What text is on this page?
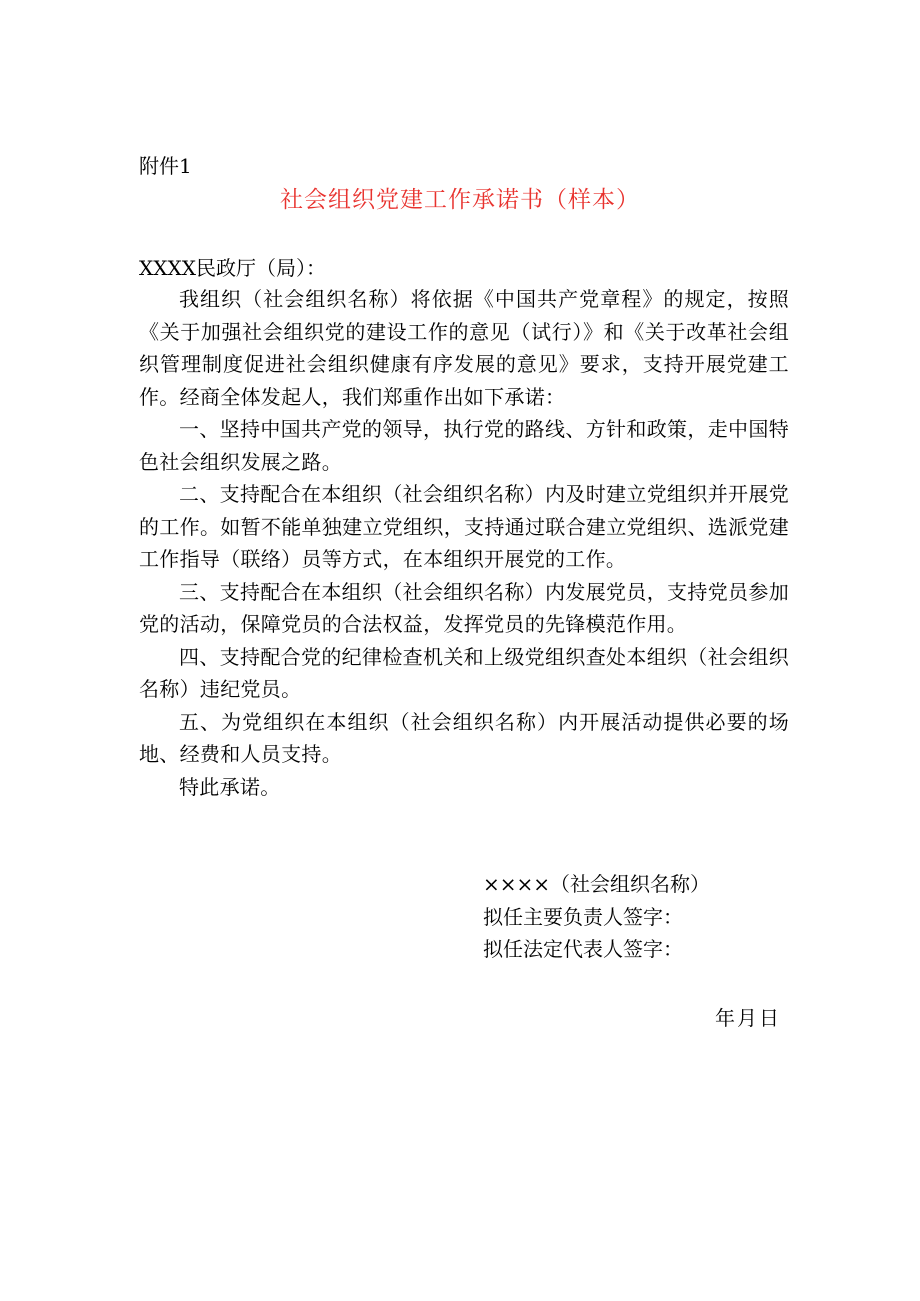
附件1
社会组织党建工作承诺书（样本）
XXXX民政厅（局）：

我组织（社会组织名称）将依据《中国共产党章程》的规定，按照《关于加强社会组织党的建设工作的意见（试行）》和《关于改革社会组织管理制度促进社会组织健康有序发展的意见》要求，支持开展党建工作。经商全体发起人，我们郑重作出如下承诺：

一、坚持中国共产党的领导，执行党的路线、方针和政策，走中国特色社会组织发展之路。

二、支持配合在本组织（社会组织名称）内及时建立党组织并开展党的工作。如暂不能单独建立党组织，支持通过联合建立党组织、选派党建工作指导（联络）员等方式，在本组织开展党的工作。

三、支持配合在本组织（社会组织名称）内发展党员，支持党员参加党的活动，保障党员的合法权益，发挥党员的先锋模范作用。

四、支持配合党的纪律检查机关和上级党组织查处本组织（社会组织名称）违纪党员。

五、为党组织在本组织（社会组织名称）内开展活动提供必要的场地、经费和人员支持。

特此承诺。

××××（社会组织名称）
拟任主要负责人签字：
拟任法定代表人签字：
年月日
